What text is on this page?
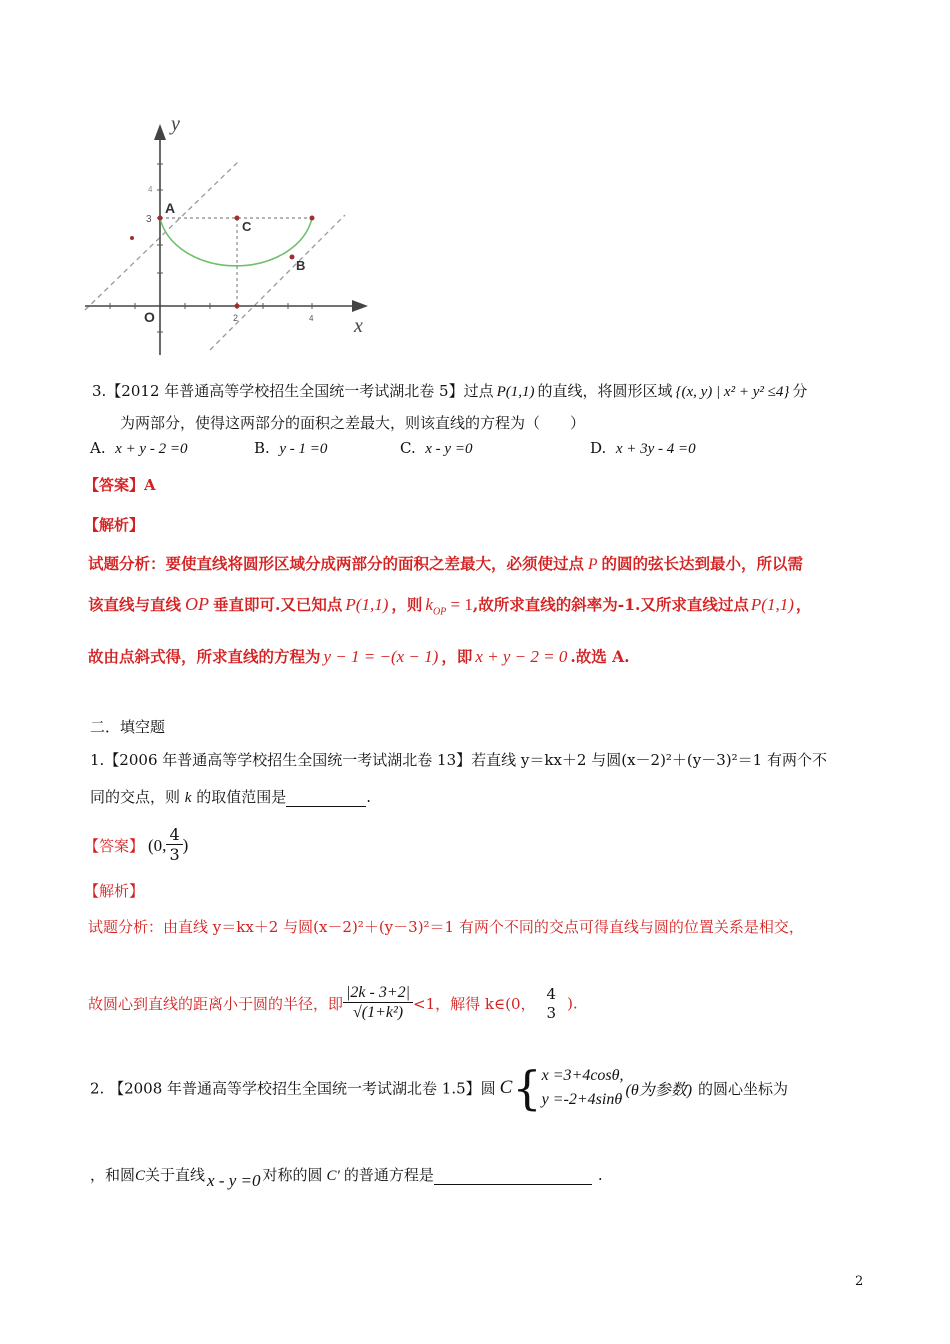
y
x
O
A
C
B
3
4
2	4
3.【2012 年普通高等学校招生全国统一考试湖北卷 5】过点 P(1,1) 的直线，将圆形区域 {(x, y) | x² + y² ≤4} 分
为两部分，使得这两部分的面积之差最大，则该直线的方程为（　　）
A. x + y - 2 =0	B. y - 1 =0	C. x - y =0	D. x + 3y - 4 =0
【答案】A
【解析】
试题分析：要使直线将圆形区域分成两部分的面积之差最大，必须使过点 P 的圆的弦长达到最小，所以需
该直线与直线 OP 垂直即可.又已知点 P(1,1) ，则 $k_{OP} = 1$,故所求直线的斜率为-1.又所求直线过点 P(1,1) ，
故由点斜式得，所求直线的方程为 y − 1 = −(x − 1) ，即 x + y − 2 = 0 .故选 A.
二．填空题
1.【2006 年普通高等学校招生全国统一考试湖北卷 13】若直线 y＝kx＋2 与圆(x－2)²＋(y－3)²＝1 有两个不
同的交点，则 k 的取值范围是	.
【答案】 (0, $\frac{4}{3}$ )
【解析】
试题分析：由直线 y＝kx＋2 与圆(x－2)²＋(y－3)²＝1 有两个不同的交点可得直线与圆的位置关系是相交，
故圆心到直线的距离小于圆的半径，即 $\frac{|2k - 3+2|}{\text{√(1+k²)}} <1$，解得 k∈(0，
4
3 ).
2. 【2008 年普通高等学校招生全国统一考试湖北卷 1.5】圆 C{ x =3+4cosθ,
y =-2+4sinθ
(θ为参数) 的圆心坐标为
，和圆C关于直线 x - y =0 对称的圆 C′ 的普通方程是	.
2
